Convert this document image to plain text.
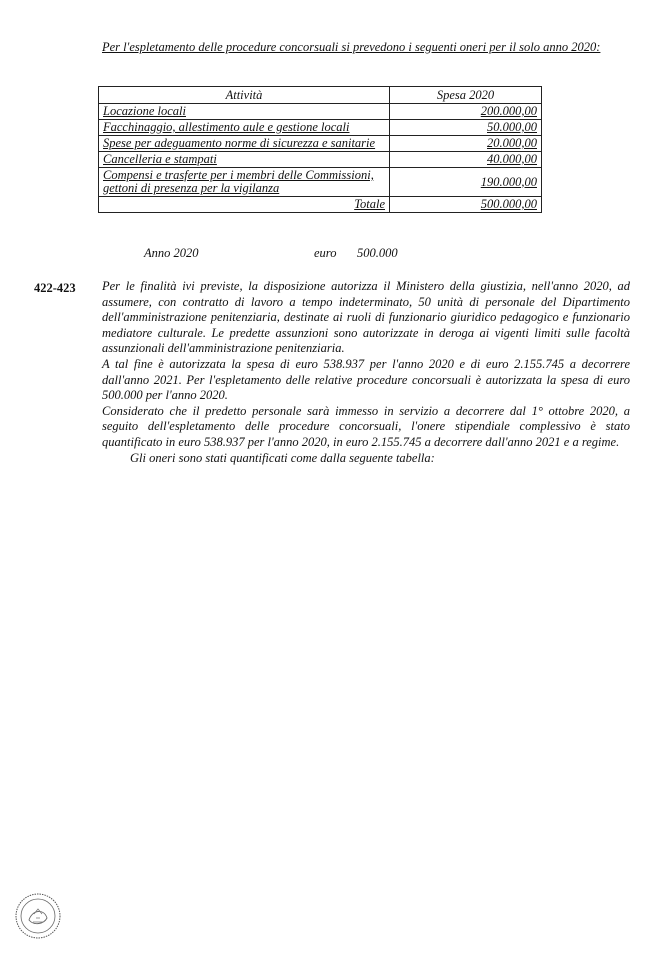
Per l'espletamento delle procedure concorsuali si prevedono i seguenti oneri per il solo anno 2020:
Attività	Spesa 2020
Locazione locali	200.000,00
Facchinaggio, allestimento aule e gestione locali	50.000,00
Spese per adeguamento norme di sicurezza e sanitarie	20.000,00
Cancelleria e stampati	40.000,00
Compensi e trasferte per i membri delle Commissioni, gettoni di presenza per la vigilanza	190.000,00
Totale	500.000,00
Anno 2020	euro 500.000
422-423 Per le finalità ivi previste, la disposizione autorizza il Ministero della giustizia, nell'anno 2020, ad assumere, con contratto di lavoro a tempo indeterminato, 50 unità di personale del Dipartimento dell'amministrazione penitenziaria, destinate ai ruoli di funzionario giuridico pedagogico e funzionario mediatore culturale. Le predette assunzioni sono autorizzate in deroga ai vigenti limiti sulle facoltà assunzionali dell'amministrazione penitenziaria.

A tal fine è autorizzata la spesa di euro 538.937 per l'anno 2020 e di euro 2.155.745 a decorrere dall'anno 2021. Per l'espletamento delle relative procedure concorsuali è autorizzata la spesa di euro 500.000 per l'anno 2020.

Considerato che il predetto personale sarà immesso in servizio a decorrere dal 1° ottobre 2020, a seguito dell'espletamento delle procedure concorsuali, l'onere stipendiale complessivo è stato quantificato in euro 538.937 per l'anno 2020, in euro 2.155.745 a decorrere dall'anno 2021 e a regime.

Gli oneri sono stati quantificati come dalla seguente tabella:
